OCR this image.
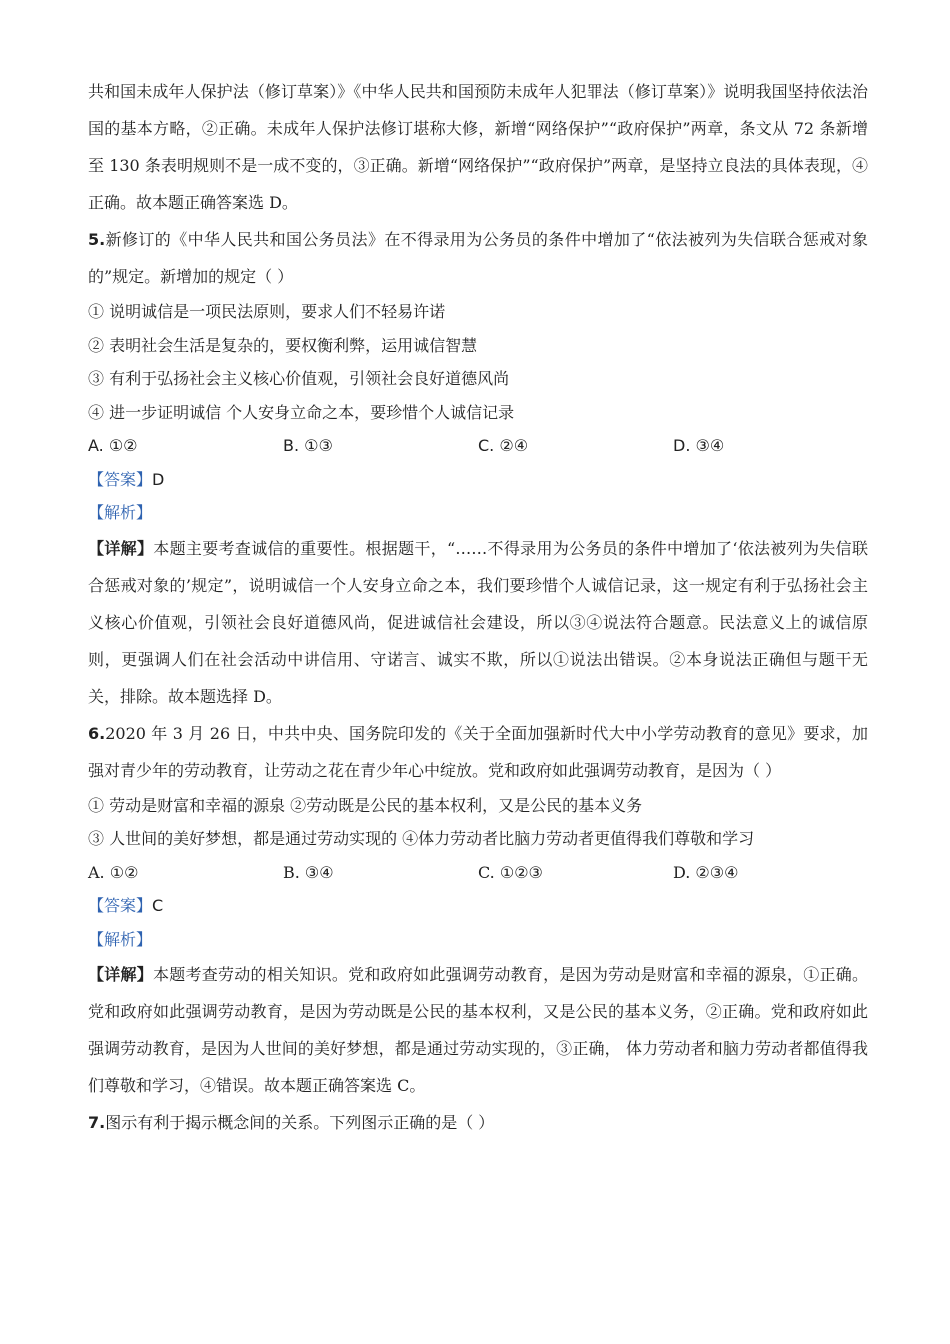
共和国未成年人保护法（修订草案）》《中华人民共和国预防未成年人犯罪法（修订草案）》说明我国坚持依法治国的基本方略，②正确。未成年人保护法修订堪称大修，新增“网络保护”“政府保护”两章，条文从 72 条新增至 130 条表明规则不是一成不变的，③正确。新增“网络保护”“政府保护”两章，是坚持立良法的具体表现，④正确。故本题正确答案选 D。

5.新修订的《中华人民共和国公务员法》在不得录用为公务员的条件中增加了“依法被列为失信联合惩戒对象的”规定。新增加的规定（ ）

① 说明诚信是一项民法原则，要求人们不轻易许诺

② 表明社会生活是复杂的，要权衡利弊，运用诚信智慧

③ 有利于弘扬社会主义核心价值观，引领社会良好道德风尚

④ 进一步证明诚信 个人安身立命之本，要珍惜个人诚信记录

A. ①②	B. ①③	C. ②④	D. ③④

【答案】D

【解析】

【详解】本题主要考查诚信的重要性。根据题干，“……不得录用为公务员的条件中增加了‘依法被列为失信联合惩戒对象的’规定”，说明诚信一个人安身立命之本，我们要珍惜个人诚信记录，这一规定有利于弘扬社会主义核心价值观，引领社会良好道德风尚，促进诚信社会建设，所以③④说法符合题意。民法意义上的诚信原则，更强调人们在社会活动中讲信用、守诺言、诚实不欺，所以①说法出错误。②本身说法正确但与题干无关，排除。故本题选择 D。

6.2020 年 3 月 26 日，中共中央、国务院印发的《关于全面加强新时代大中小学劳动教育的意见》要求，加强对青少年的劳动教育，让劳动之花在青少年心中绽放。党和政府如此强调劳动教育，是因为（ ）

① 劳动是财富和幸福的源泉 ②劳动既是公民的基本权利，又是公民的基本义务

③ 人世间的美好梦想，都是通过劳动实现的 ④体力劳动者比脑力劳动者更值得我们尊敬和学习

A. ①②	B. ③④	C. ①②③	D. ②③④

【答案】C

【解析】

【详解】本题考查劳动的相关知识。党和政府如此强调劳动教育，是因为劳动是财富和幸福的源泉，①正确。党和政府如此强调劳动教育，是因为劳动既是公民的基本权利，又是公民的基本义务，②正确。党和政府如此强调劳动教育，是因为人世间的美好梦想，都是通过劳动实现的，③正确， 体力劳动者和脑力劳动者都值得我们尊敬和学习，④错误。故本题正确答案选 C。

7.图示有利于揭示概念间的关系。下列图示正确的是（ ）
